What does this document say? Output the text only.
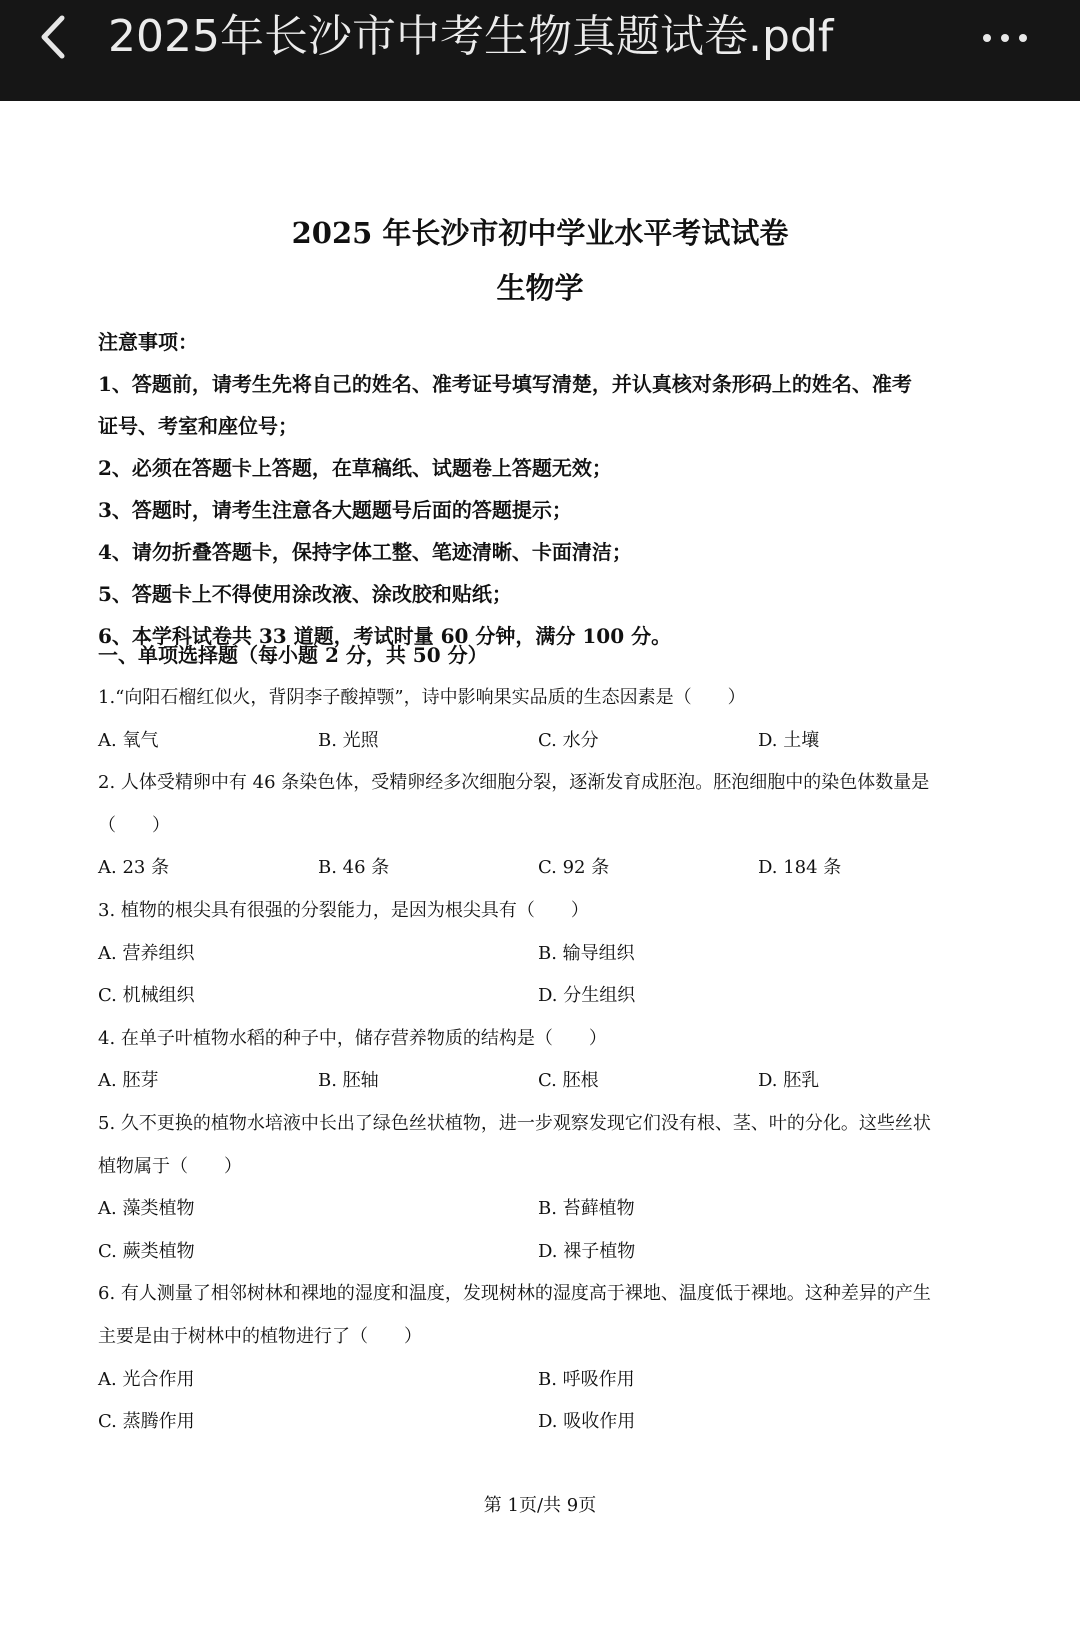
2025年长沙市中考生物真题试卷.pdf
2025 年长沙市初中学业水平考试试卷
生物学
注意事项：
1、答题前，请考生先将自己的姓名、准考证号填写清楚，并认真核对条形码上的姓名、准考
证号、考室和座位号；
2、必须在答题卡上答题，在草稿纸、试题卷上答题无效；
3、答题时，请考生注意各大题题号后面的答题提示；
4、请勿折叠答题卡，保持字体工整、笔迹清晰、卡面清洁；
5、答题卡上不得使用涂改液、涂改胶和贴纸；
6、本学科试卷共 33 道题，考试时量 60 分钟，满分 100 分。
一、单项选择题（每小题 2 分，共 50 分）
1.“向阳石榴红似火，背阴李子酸掉颚”，诗中影响果实品质的生态因素是（　　）
A. 氧气	B. 光照	C. 水分	D. 土壤
2. 人体受精卵中有 46 条染色体，受精卵经多次细胞分裂，逐渐发育成胚泡。胚泡细胞中的染色体数量是
（　　）
A. 23 条	B. 46 条	C. 92 条	D. 184 条
3. 植物的根尖具有很强的分裂能力，是因为根尖具有（　　）
A. 营养组织	B. 输导组织
C. 机械组织	D. 分生组织
4. 在单子叶植物水稻的种子中，储存营养物质的结构是（　　）
A. 胚芽	B. 胚轴	C. 胚根	D. 胚乳
5. 久不更换的植物水培液中长出了绿色丝状植物，进一步观察发现它们没有根、茎、叶的分化。这些丝状
植物属于（　　）
A. 藻类植物	B. 苔藓植物
C. 蕨类植物	D. 裸子植物
6. 有人测量了相邻树林和裸地的湿度和温度，发现树林的湿度高于裸地、温度低于裸地。这种差异的产生
主要是由于树林中的植物进行了（　　）
A. 光合作用	B. 呼吸作用
C. 蒸腾作用	D. 吸收作用
第 1页/共 9页
